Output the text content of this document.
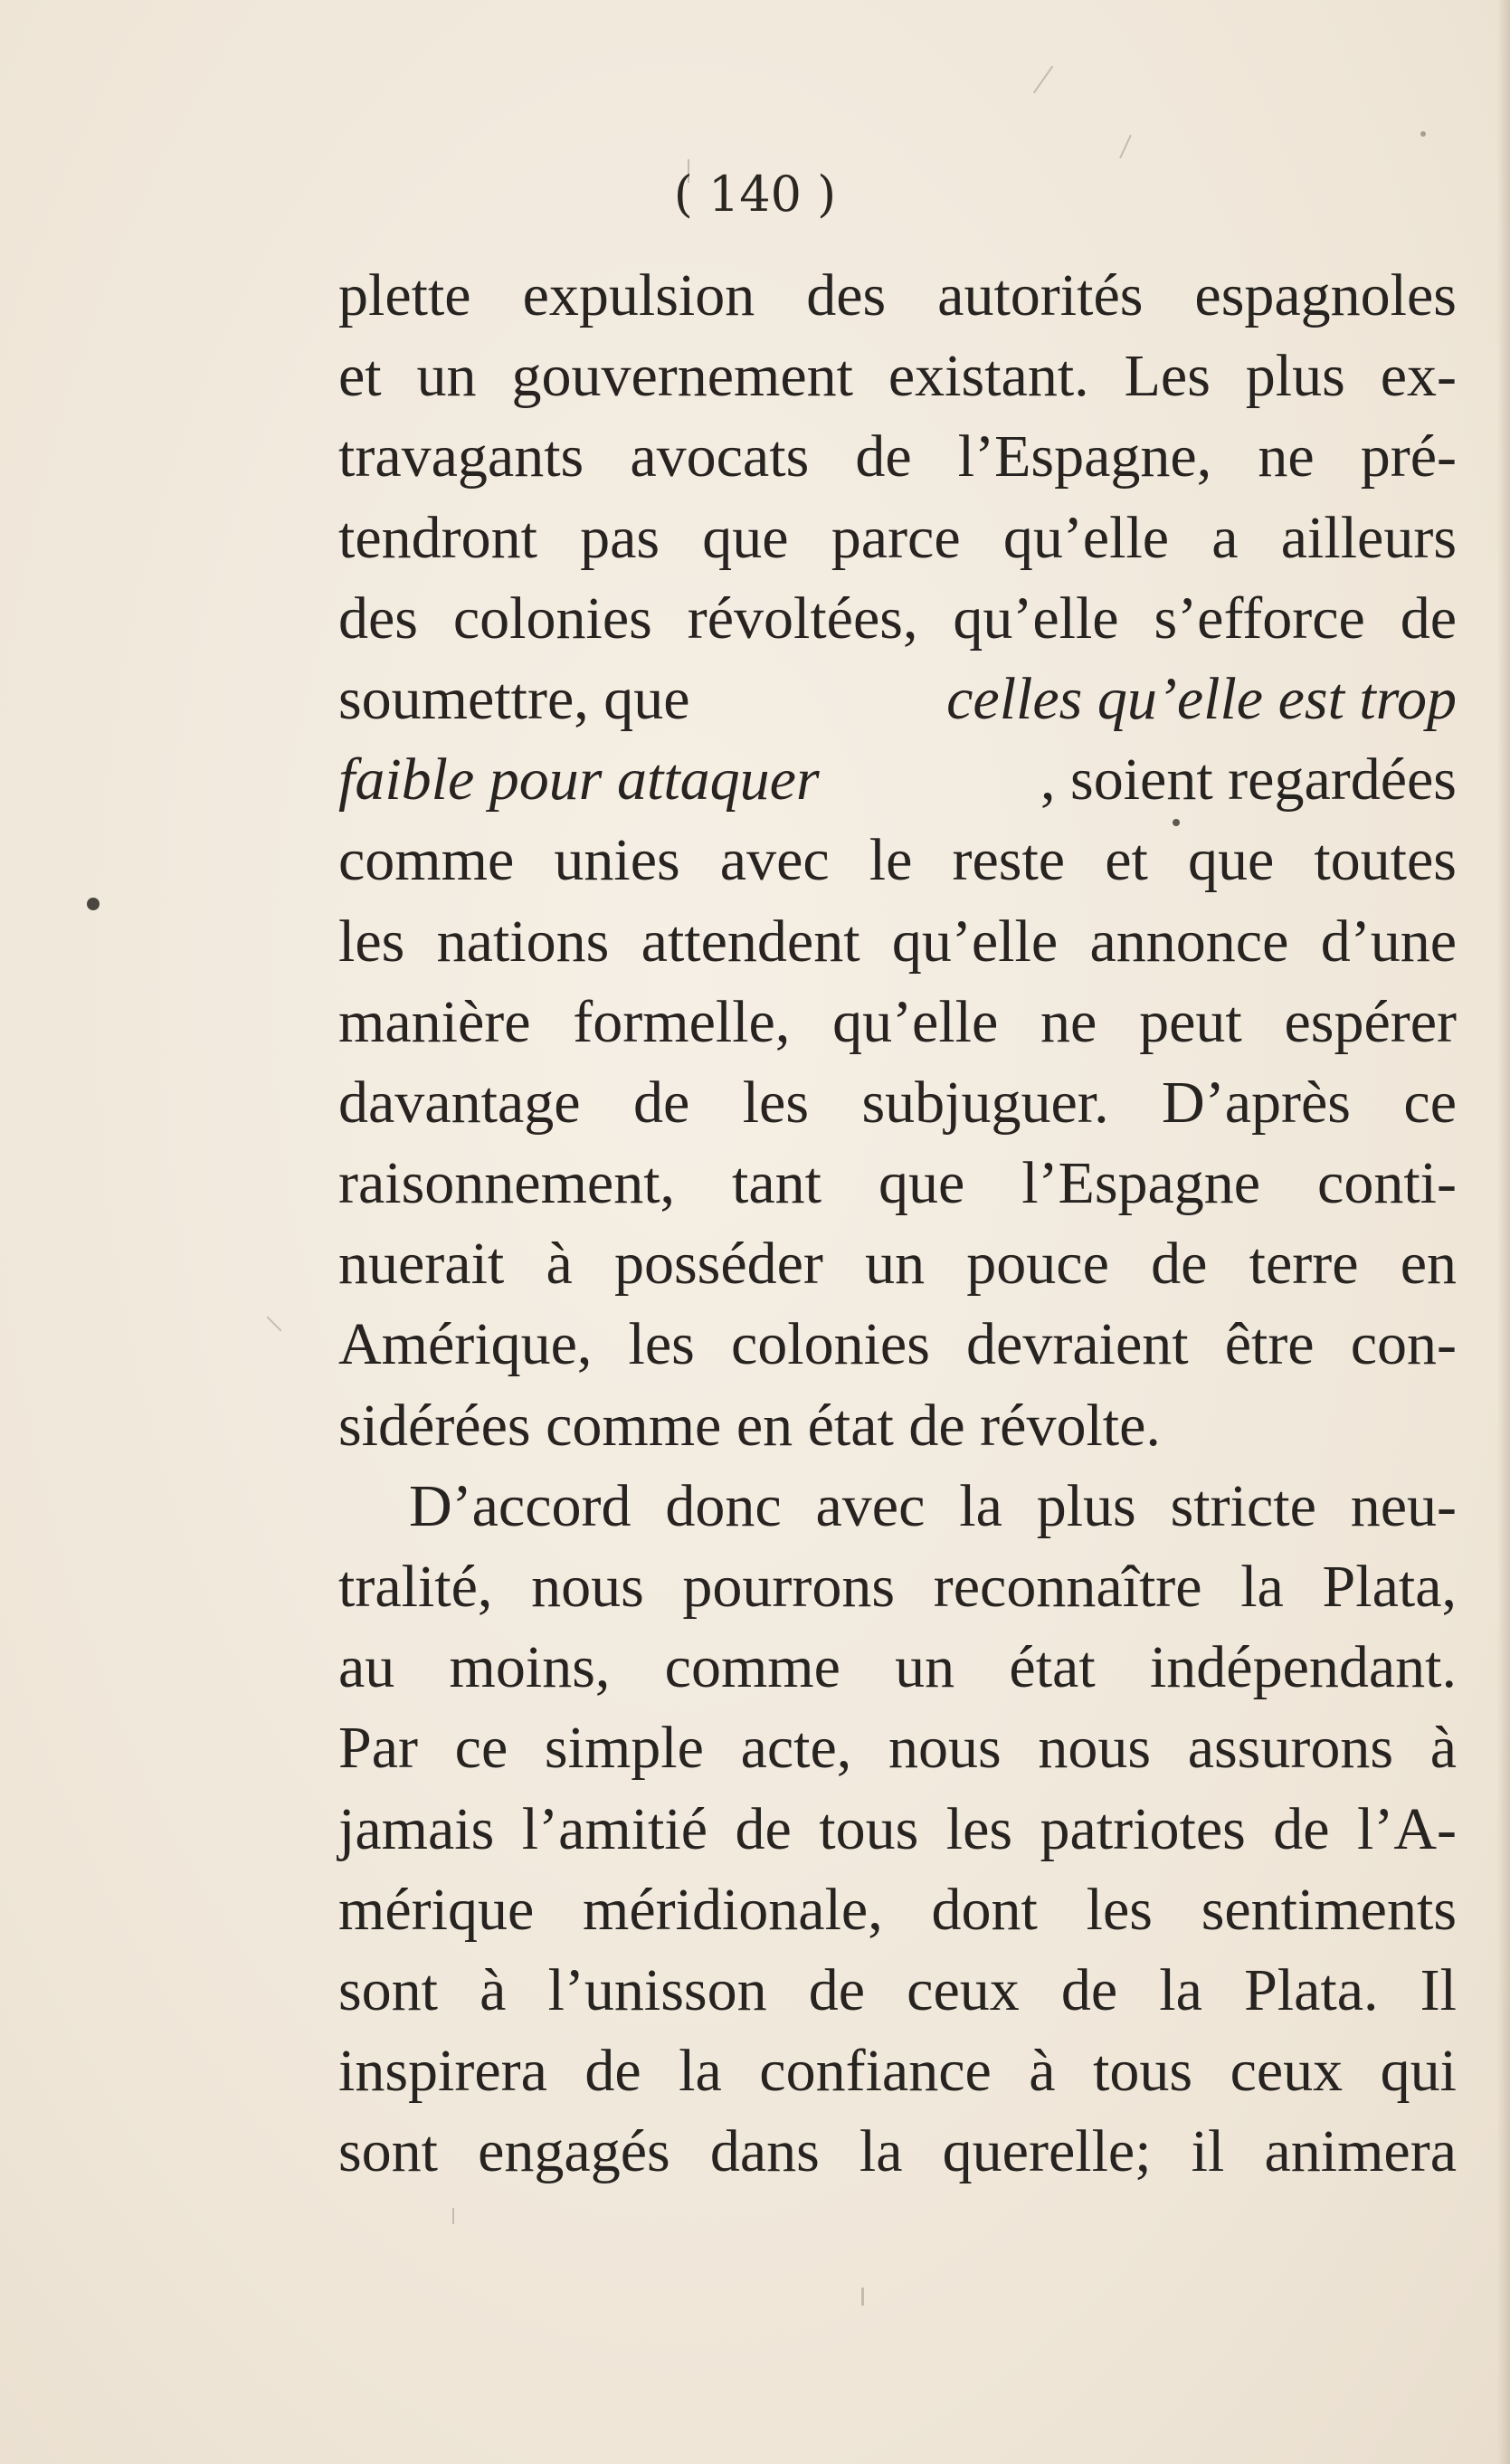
( 140 )
plette expulsion des autorités espagnoles
et un gouvernement existant. Les plus ex-
travagants avocats de l’Espagne, ne pré-
tendront pas que parce qu’elle a ailleurs
des colonies révoltées, qu’elle s’efforce de
soumettre, que	celles qu’elle est trop
faible pour attaquer	, soient regardées
comme unies avec le reste et que toutes
les nations attendent qu’elle annonce d’une
manière formelle, qu’elle ne peut espérer
davantage de les subjuguer. D’après ce
raisonnement, tant que l’Espagne conti-
nuerait à posséder un pouce de terre en
Amérique, les colonies devraient être con-
sidérées comme en état de révolte.
D’accord donc avec la plus stricte neu-
tralité, nous pourrons reconnaître la Plata,
au moins, comme un état indépendant.
Par ce simple acte, nous nous assurons à
jamais l’amitié de tous les patriotes de l’A-
mérique méridionale, dont les sentiments
sont à l’unisson de ceux de la Plata. Il
inspirera de la confiance à tous ceux qui
sont engagés dans la querelle; il animera
